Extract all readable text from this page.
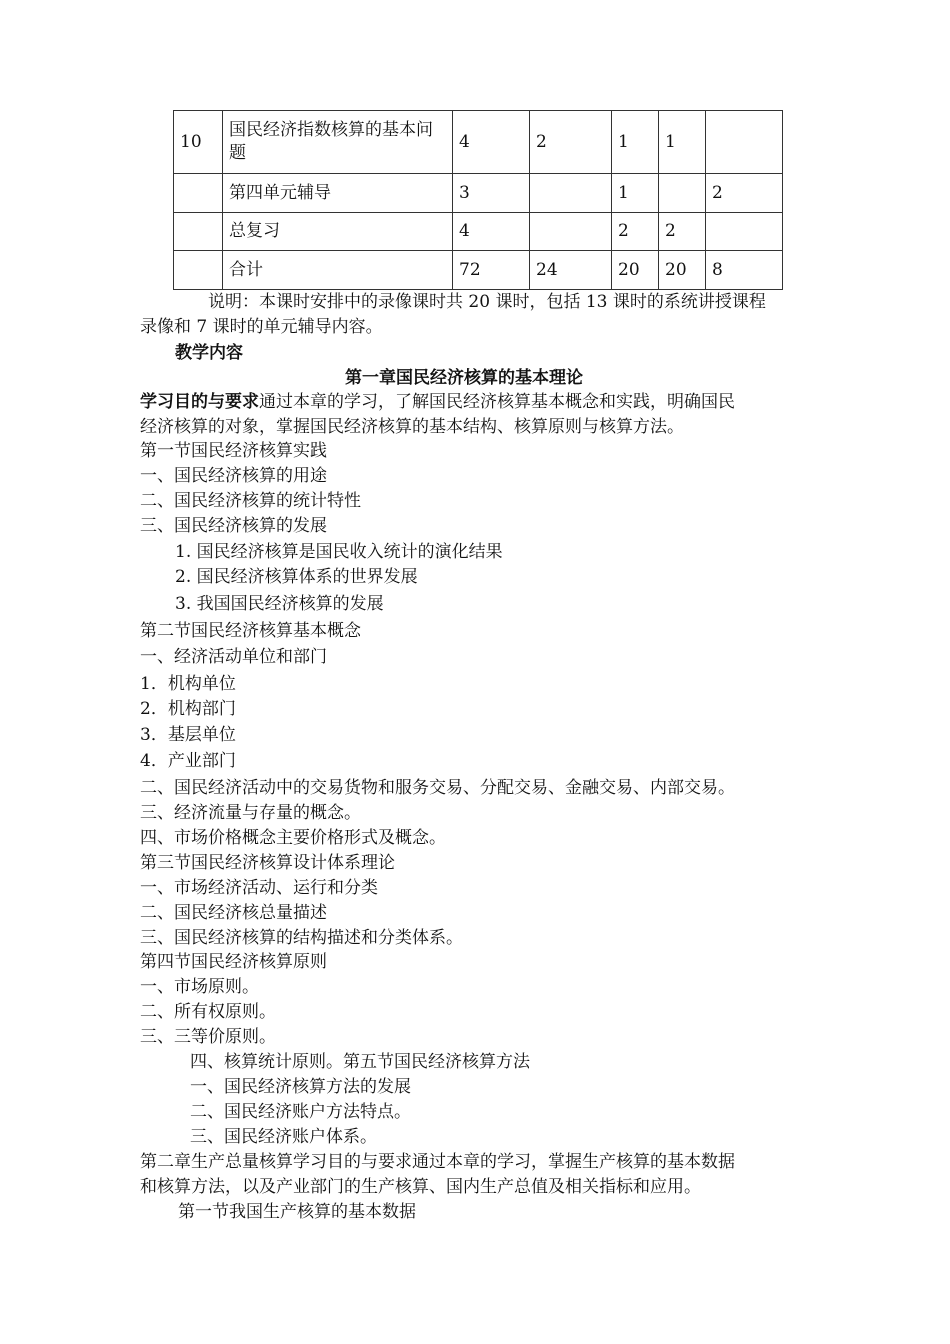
10	国民经济指数核算的基本问题	4	2	1	1	
	第四单元辅导	3		1		2
	总复习	4		2	2	
	合计	72	24	20	20	8
说明：本课时安排中的录像课时共 20 课时，包括 13 课时的系统讲授课程
录像和 7 课时的单元辅导内容。
教学内容
第一章国民经济核算的基本理论
学习目的与要求通过本章的学习，了解国民经济核算基本概念和实践，明确国民
经济核算的对象，掌握国民经济核算的基本结构、核算原则与核算方法。
第一节国民经济核算实践
一、国民经济核算的用途
二、国民经济核算的统计特性
三、国民经济核算的发展
1. 国民经济核算是国民收入统计的演化结果
2. 国民经济核算体系的世界发展
3. 我国国民经济核算的发展
第二节国民经济核算基本概念
一、经济活动单位和部门
1．机构单位
2．机构部门
3．基层单位
4．产业部门
二、国民经济活动中的交易货物和服务交易、分配交易、金融交易、内部交易。
三、经济流量与存量的概念。
四、市场价格概念主要价格形式及概念。
第三节国民经济核算设计体系理论
一、市场经济活动、运行和分类
二、国民经济核总量描述
三、国民经济核算的结构描述和分类体系。
第四节国民经济核算原则
一、市场原则。
二、所有权原则。
三、三等价原则。
四、核算统计原则。第五节国民经济核算方法
一、国民经济核算方法的发展
二、国民经济账户方法特点。
三、国民经济账户体系。
第二章生产总量核算学习目的与要求通过本章的学习，掌握生产核算的基本数据
和核算方法，以及产业部门的生产核算、国内生产总值及相关指标和应用。
第一节我国生产核算的基本数据
